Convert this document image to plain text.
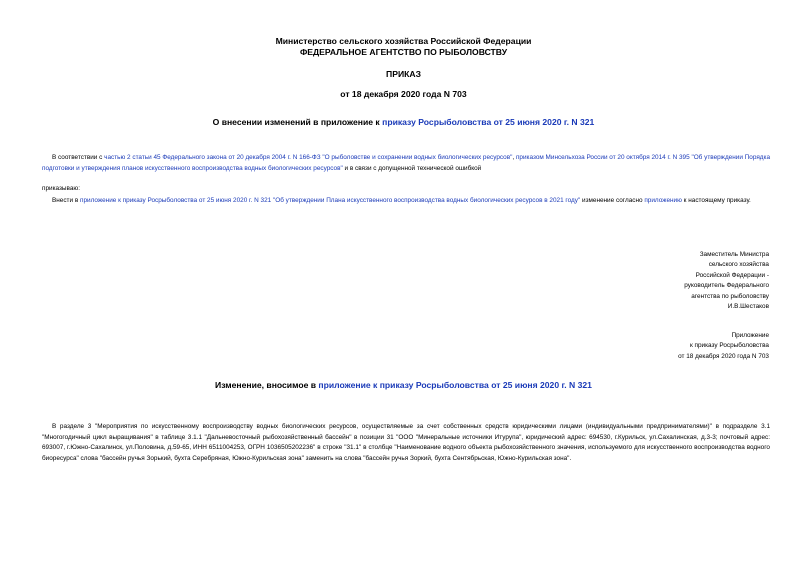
Министерство сельского хозяйства Российской Федерации
ФЕДЕРАЛЬНОЕ АГЕНТСТВО ПО РЫБОЛОВСТВУ
ПРИКАЗ
от 18 декабря 2020 года N 703
О внесении изменений в приложение к приказу Росрыболовства от 25 июня 2020 г. N 321
В соответствии с частью 2 статьи 45 Федерального закона от 20 декабря 2004 г. N 166-ФЗ "О рыболовстве и сохранении водных биологических ресурсов", приказом Минсельхоза России от 20 октября 2014 г. N 395 "Об утверждении Порядка подготовки и утверждения планов искусственного воспроизводства водных биологических ресурсов" и в связи с допущенной технической ошибкой
приказываю:
Внести в приложение к приказу Росрыболовства от 25 июня 2020 г. N 321 "Об утверждении Плана искусственного воспроизводства водных биологических ресурсов в 2021 году" изменение согласно приложению к настоящему приказу.
Заместитель Министра
сельского хозяйства
Российской Федерации -
руководитель Федерального
агентства по рыболовству
И.В.Шестаков
Приложение
к приказу Росрыболовства
от 18 декабря 2020 года N 703
Изменение, вносимое в приложение к приказу Росрыболовства от 25 июня 2020 г. N 321
В разделе 3 "Мероприятия по искусственному воспроизводству водных биологических ресурсов, осуществляемые за счет собственных средств юридическими лицами (индивидуальными предпринимателями)" в подразделе 3.1 "Многогодичный цикл выращивания" в таблице 3.1.1 "Дальневосточный рыбохозяйственный бассейн" в позиции 31 "ООО "Минеральные источники Итурупа", юридический адрес: 694530, г.Курильск, ул.Сахалинская, д.3-3; почтовый адрес: 693007, г.Южно-Сахалинск, ул.Половина, д.59-65, ИНН 6511004253, ОГРН 1036505202236" в строке "31.1" в столбце "Наименование водного объекта рыбохозяйственного значения, используемого для искусственного воспроизводства водного биоресурса" слова "бассейн ручья Зорький, бухта Серебряная, Южно-Курильская зона" заменить на слова "бассейн ручья Зоркий, бухта Сентябрьская, Южно-Курильская зона".
